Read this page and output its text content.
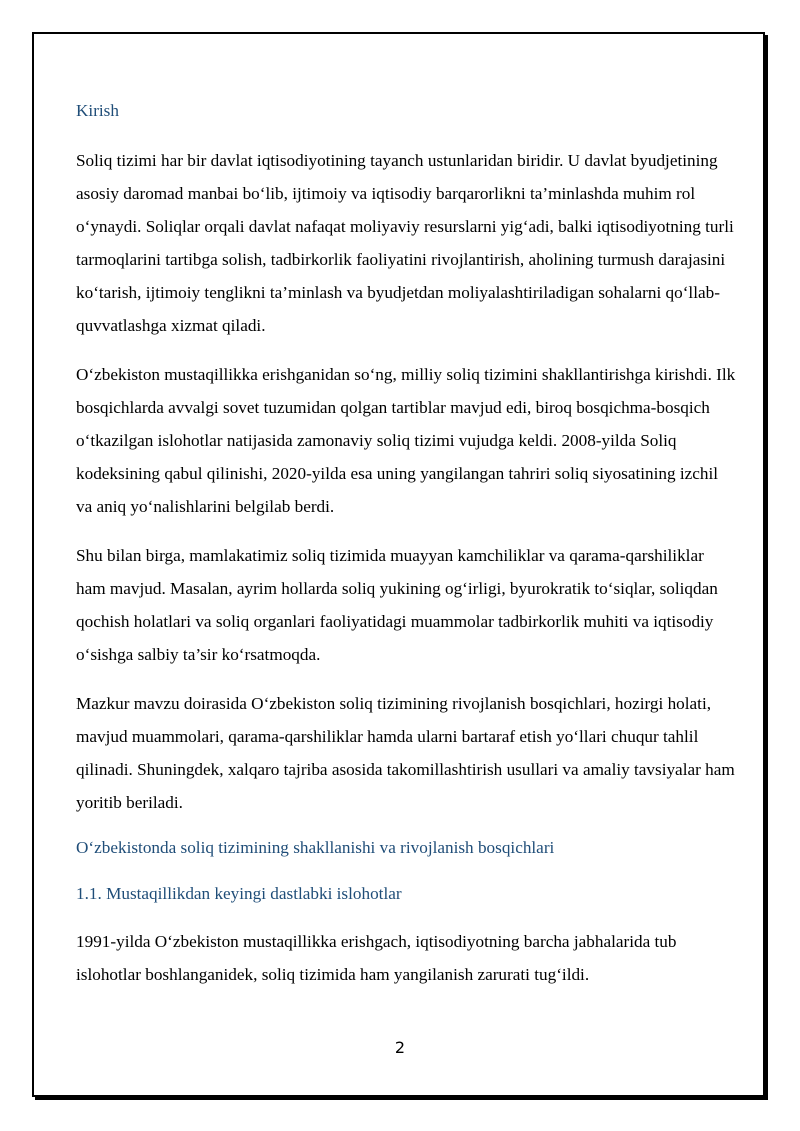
Kirish

Soliq tizimi har bir davlat iqtisodiyotining tayanch ustunlaridan biridir. U davlat byudjetining asosiy daromad manbai bo‘lib, ijtimoiy va iqtisodiy barqarorlikni ta’minlashda muhim rol o‘ynaydi. Soliqlar orqali davlat nafaqat moliyaviy resurslarni yig‘adi, balki iqtisodiyotning turli tarmoqlarini tartibga solish, tadbirkorlik faoliyatini rivojlantirish, aholining turmush darajasini ko‘tarish, ijtimoiy tenglikni ta’minlash va byudjetdan moliyalashtiriladigan sohalarni qo‘llab-quvvatlashga xizmat qiladi.

O‘zbekiston mustaqillikka erishganidan so‘ng, milliy soliq tizimini shakllantirishga kirishdi. Ilk bosqichlarda avvalgi sovet tuzumidan qolgan tartiblar mavjud edi, biroq bosqichma-bosqich o‘tkazilgan islohotlar natijasida zamonaviy soliq tizimi vujudga keldi. 2008-yilda Soliq kodeksining qabul qilinishi, 2020-yilda esa uning yangilangan tahriri soliq siyosatining izchil va aniq yo‘nalishlarini belgilab berdi.

Shu bilan birga, mamlakatimiz soliq tizimida muayyan kamchiliklar va qarama-qarshiliklar ham mavjud. Masalan, ayrim hollarda soliq yukining og‘irligi, byurokratik to‘siqlar, soliqdan qochish holatlari va soliq organlari faoliyatidagi muammolar tadbirkorlik muhiti va iqtisodiy o‘sishga salbiy ta’sir ko‘rsatmoqda.

Mazkur mavzu doirasida O‘zbekiston soliq tizimining rivojlanish bosqichlari, hozirgi holati, mavjud muammolari, qarama-qarshiliklar hamda ularni bartaraf etish yo‘llari chuqur tahlil qilinadi. Shuningdek, xalqaro tajriba asosida takomillashtirish usullari va amaliy tavsiyalar ham yoritib beriladi.

O‘zbekistonda soliq tizimining shakllanishi va rivojlanish bosqichlari

1.1. Mustaqillikdan keyingi dastlabki islohotlar

1991-yilda O‘zbekiston mustaqillikka erishgach, iqtisodiyotning barcha jabhalarida tub islohotlar boshlanganidek, soliq tizimida ham yangilanish zarurati tug‘ildi.

2
